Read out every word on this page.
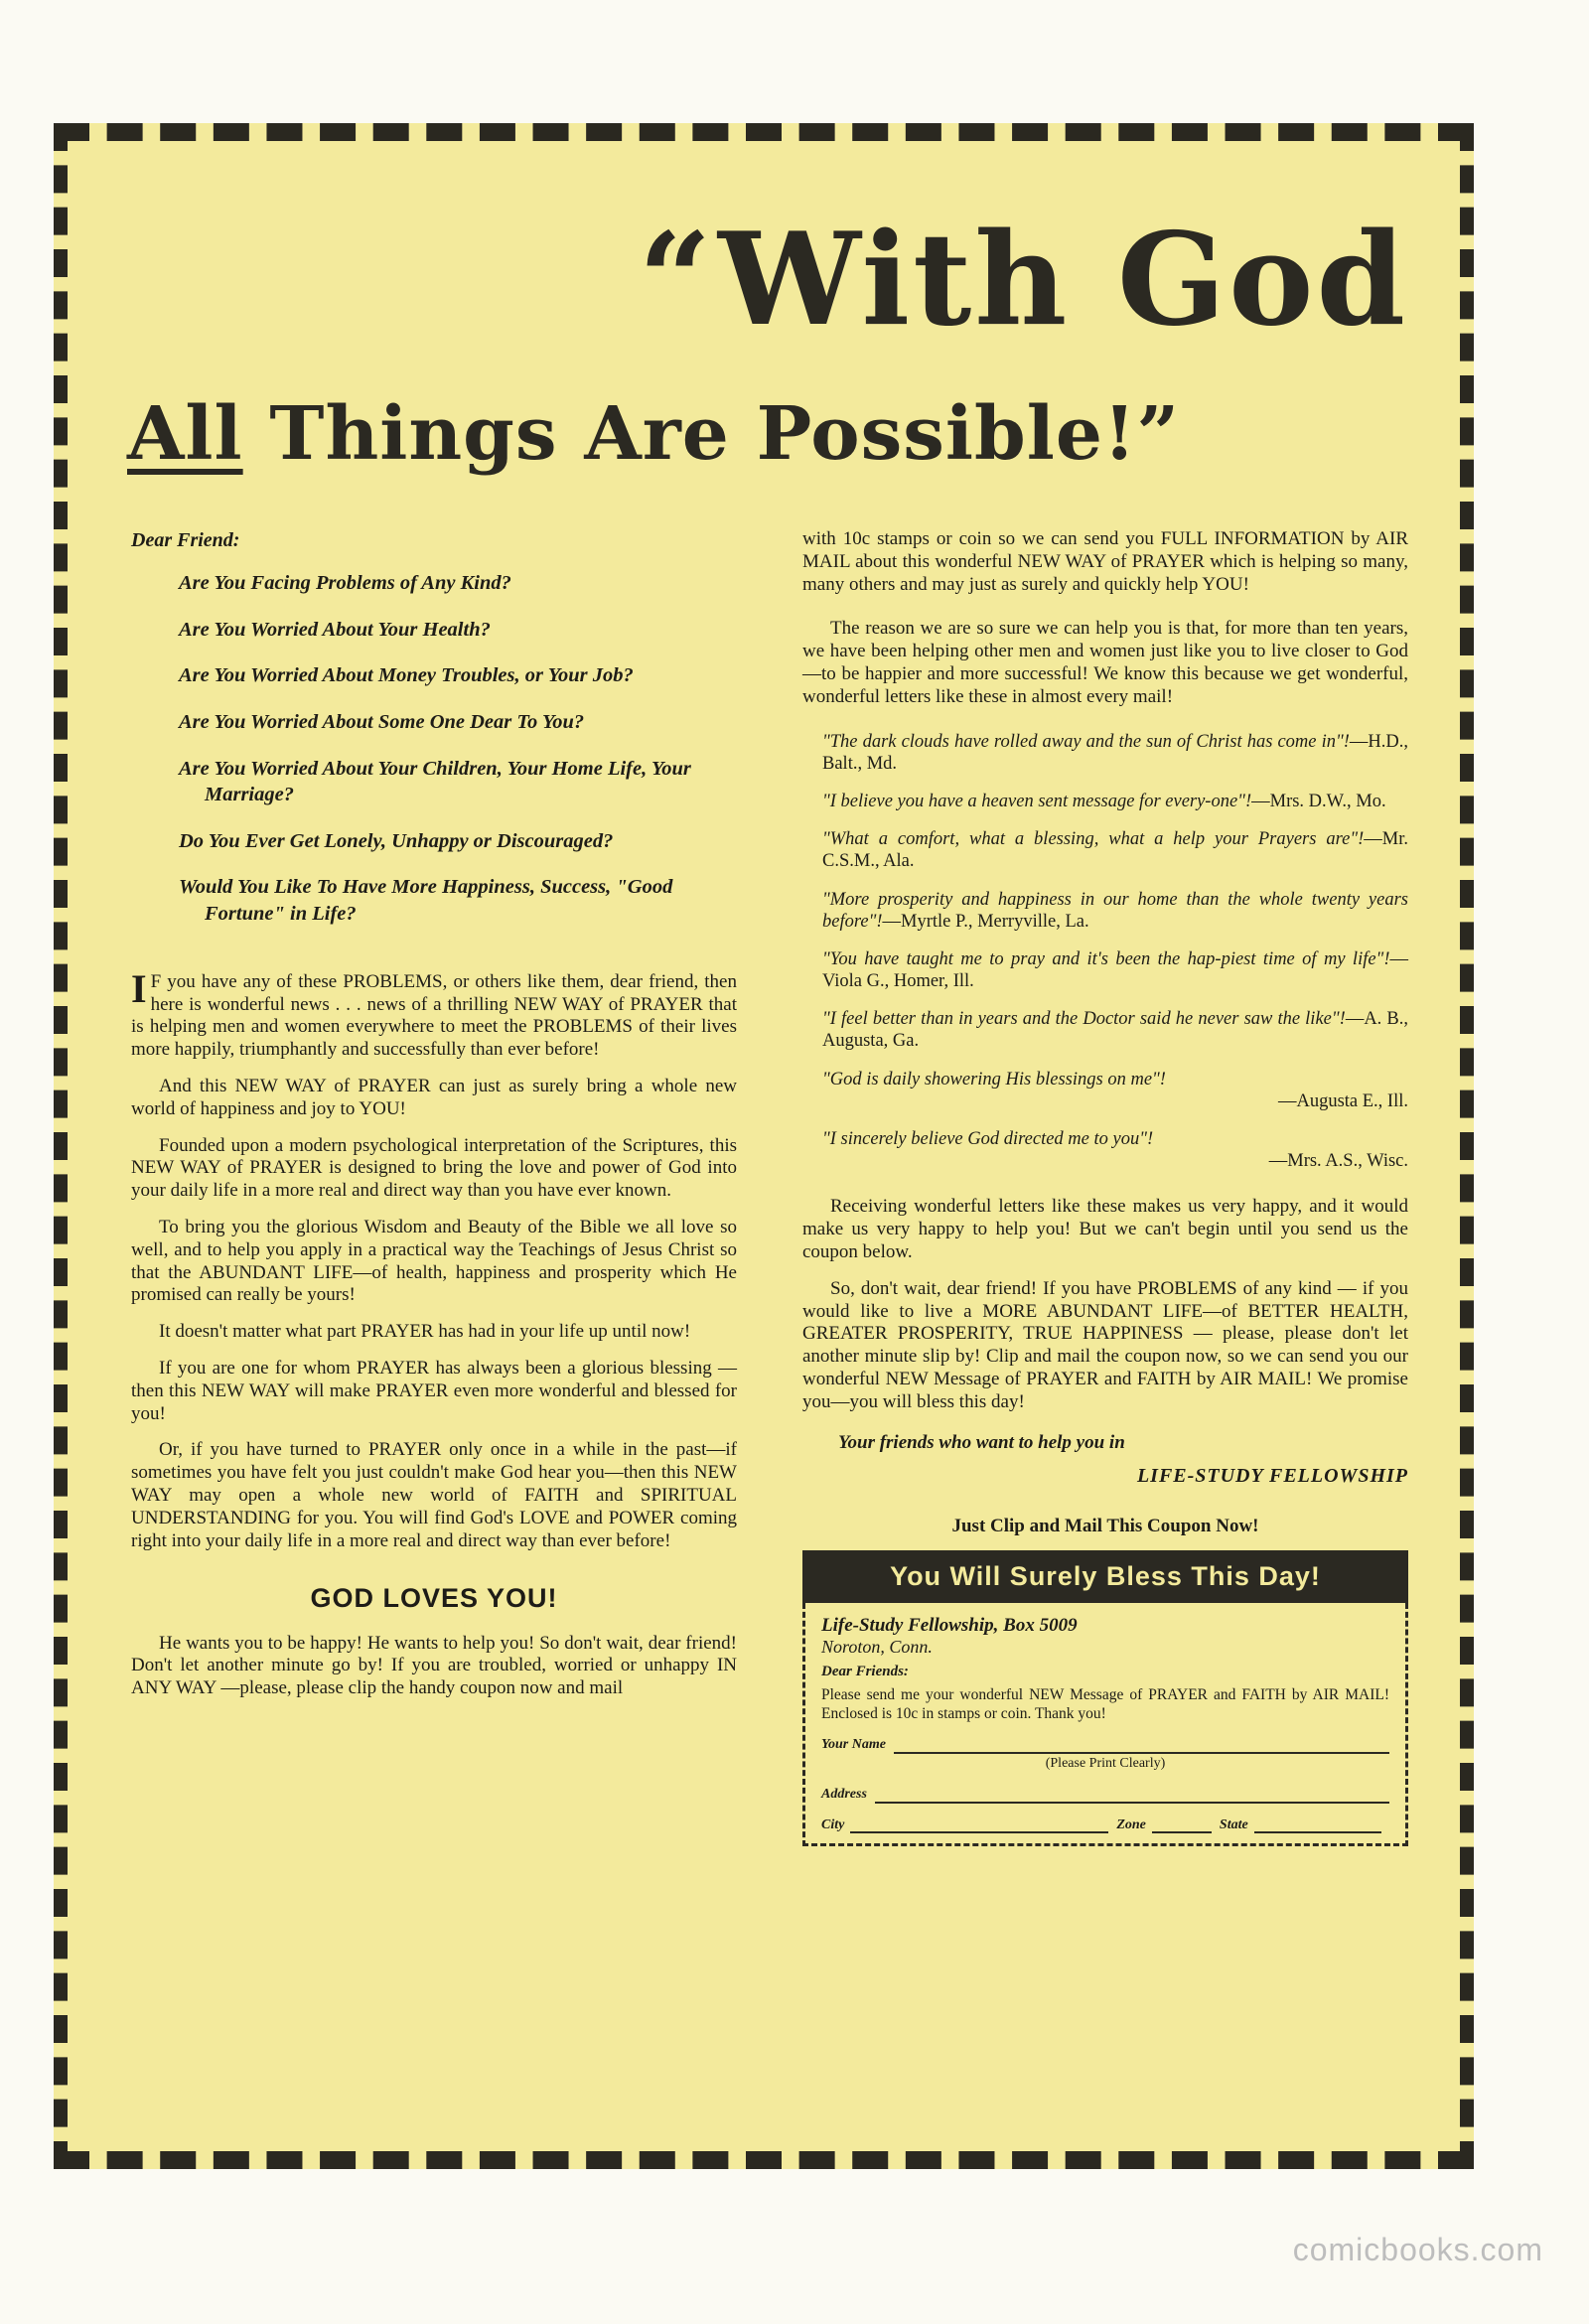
“With God
All Things Are Possible!”
Dear Friend:
Are You Facing Problems of Any Kind?
Are You Worried About Your Health?
Are You Worried About Money Troubles, or Your Job?
Are You Worried About Some One Dear To You?
Are You Worried About Your Children, Your Home Life, Your Marriage?
Do You Ever Get Lonely, Unhappy or Discouraged?
Would You Like To Have More Happiness, Success, "Good Fortune" in Life?

I F you have any of these PROBLEMS, or others like them, dear friend, then here is wonderful news . . . news of a thrilling NEW WAY of PRAYER that is helping men and women everywhere to meet the PROBLEMS of their lives more happily, triumphantly and successfully than ever before!

And this NEW WAY of PRAYER can just as surely bring a whole new world of happiness and joy to YOU!

Founded upon a modern psychological interpretation of the Scriptures, this NEW WAY of PRAYER is designed to bring the love and power of God into your daily life in a more real and direct way than you have ever known.

To bring you the glorious Wisdom and Beauty of the Bible we all love so well, and to help you apply in a practical way the Teachings of Jesus Christ so that the ABUNDANT LIFE—of health, happiness and prosperity which He promised can really be yours!

It doesn't matter what part PRAYER has had in your life up until now!

If you are one for whom PRAYER has always been a glorious blessing — then this NEW WAY will make PRAYER even more wonderful and blessed for you!

Or, if you have turned to PRAYER only once in a while in the past—if sometimes you have felt you just couldn't make God hear you—then this NEW WAY may open a whole new world of FAITH and SPIRITUAL UNDERSTANDING for you. You will find God's LOVE and POWER coming right into your daily life in a more real and direct way than ever before!

GOD LOVES YOU!

He wants you to be happy! He wants to help you! So don't wait, dear friend! Don't let another minute go by! If you are troubled, worried or unhappy IN ANY WAY —please, please clip the handy coupon now and mail

with 10c stamps or coin so we can send you FULL INFORMATION by AIR MAIL about this wonderful NEW WAY of PRAYER which is helping so many, many others and may just as surely and quickly help YOU!

The reason we are so sure we can help you is that, for more than ten years, we have been helping other men and women just like you to live closer to God—to be happier and more successful! We know this because we get wonderful, wonderful letters like these in almost every mail!

"The dark clouds have rolled away and the sun of Christ has come in"!—H.D., Balt., Md.
"I believe you have a heaven sent message for every-one"!—Mrs. D.W., Mo.
"What a comfort, what a blessing, what a help your Prayers are"!—Mr. C.S.M., Ala.
"More prosperity and happiness in our home than the whole twenty years before"!—Myrtle P., Merryville, La.
"You have taught me to pray and it's been the hap-piest time of my life"!—Viola G., Homer, Ill.
"I feel better than in years and the Doctor said he never saw the like"!—A. B., Augusta, Ga.
"God is daily showering His blessings on me"!
—Augusta E., Ill.
"I sincerely believe God directed me to you"!
—Mrs. A.S., Wisc.

Receiving wonderful letters like these makes us very happy, and it would make us very happy to help you! But we can't begin until you send us the coupon below.

So, don't wait, dear friend! If you have PROBLEMS of any kind — if you would like to live a MORE ABUNDANT LIFE—of BETTER HEALTH, GREATER PROSPERITY, TRUE HAPPINESS — please, please don't let another minute slip by! Clip and mail the coupon now, so we can send you our wonderful NEW Message of PRAYER and FAITH by AIR MAIL! We promise you—you will bless this day!

Your friends who want to help you in
LIFE-STUDY FELLOWSHIP
Just Clip and Mail This Coupon Now!
You Will Surely Bless This Day!
Life-Study Fellowship, Box 5009
Noroton, Conn.
Dear Friends:
Please send me your wonderful NEW Message of PRAYER and FAITH by AIR MAIL! Enclosed is 10c in stamps or coin. Thank you!
Your Name
(Please Print Clearly)
Address
City	Zone	State
comicbooks.com
